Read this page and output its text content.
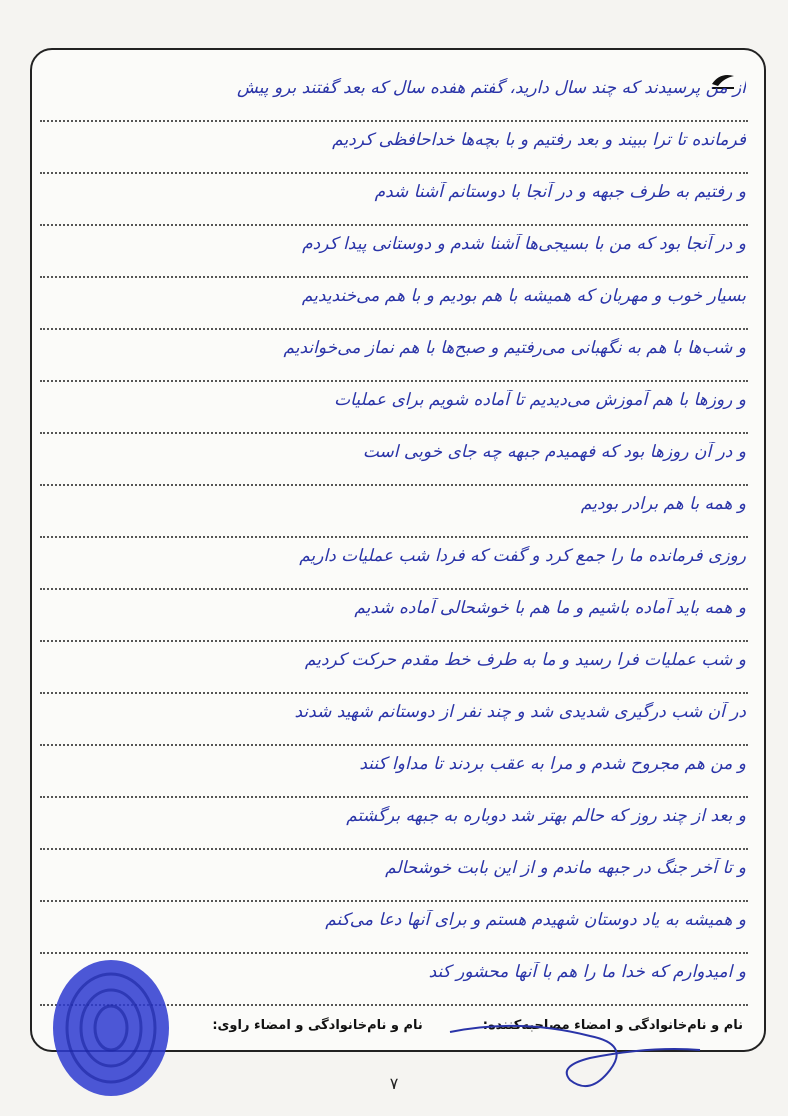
از من پرسیدند که چند سال دارید، گفتم هفده سال که بعد گفتند برو پیش
فرمانده تا ترا ببیند و بعد رفتیم و با بچه‌ها خداحافظی کردیم
و رفتیم به طرف جبهه و در آنجا با دوستانم آشنا شدم
و در آنجا بود که من با بسیجی‌ها آشنا شدم و دوستانی پیدا کردم
بسیار خوب و مهربان که همیشه با هم بودیم و با هم می‌خندیدیم
و شب‌ها با هم به نگهبانی می‌رفتیم و صبح‌ها با هم نماز می‌خواندیم
و روزها با هم آموزش می‌دیدیم تا آماده شویم برای عملیات
و در آن روزها بود که فهمیدم جبهه چه جای خوبی است
و همه با هم برادر بودیم
روزی فرمانده ما را جمع کرد و گفت که فردا شب عملیات داریم
و همه باید آماده باشیم و ما هم با خوشحالی آماده شدیم
و شب عملیات فرا رسید و ما به طرف خط مقدم حرکت کردیم
در آن شب درگیری شدیدی شد و چند نفر از دوستانم شهید شدند
و من هم مجروح شدم و مرا به عقب بردند تا مداوا کنند
و بعد از چند روز که حالم بهتر شد دوباره به جبهه برگشتم
و تا آخر جنگ در جبهه ماندم و از این بابت خوشحالم
و همیشه به یاد دوستان شهیدم هستم و برای آنها دعا می‌کنم
و امیدوارم که خدا ما را هم با آنها محشور کند
نام و نام‌خانوادگی و امضاء مصاحبه‌کننده:
نام و نام‌خانوادگی و امضاء راوی:
۷
